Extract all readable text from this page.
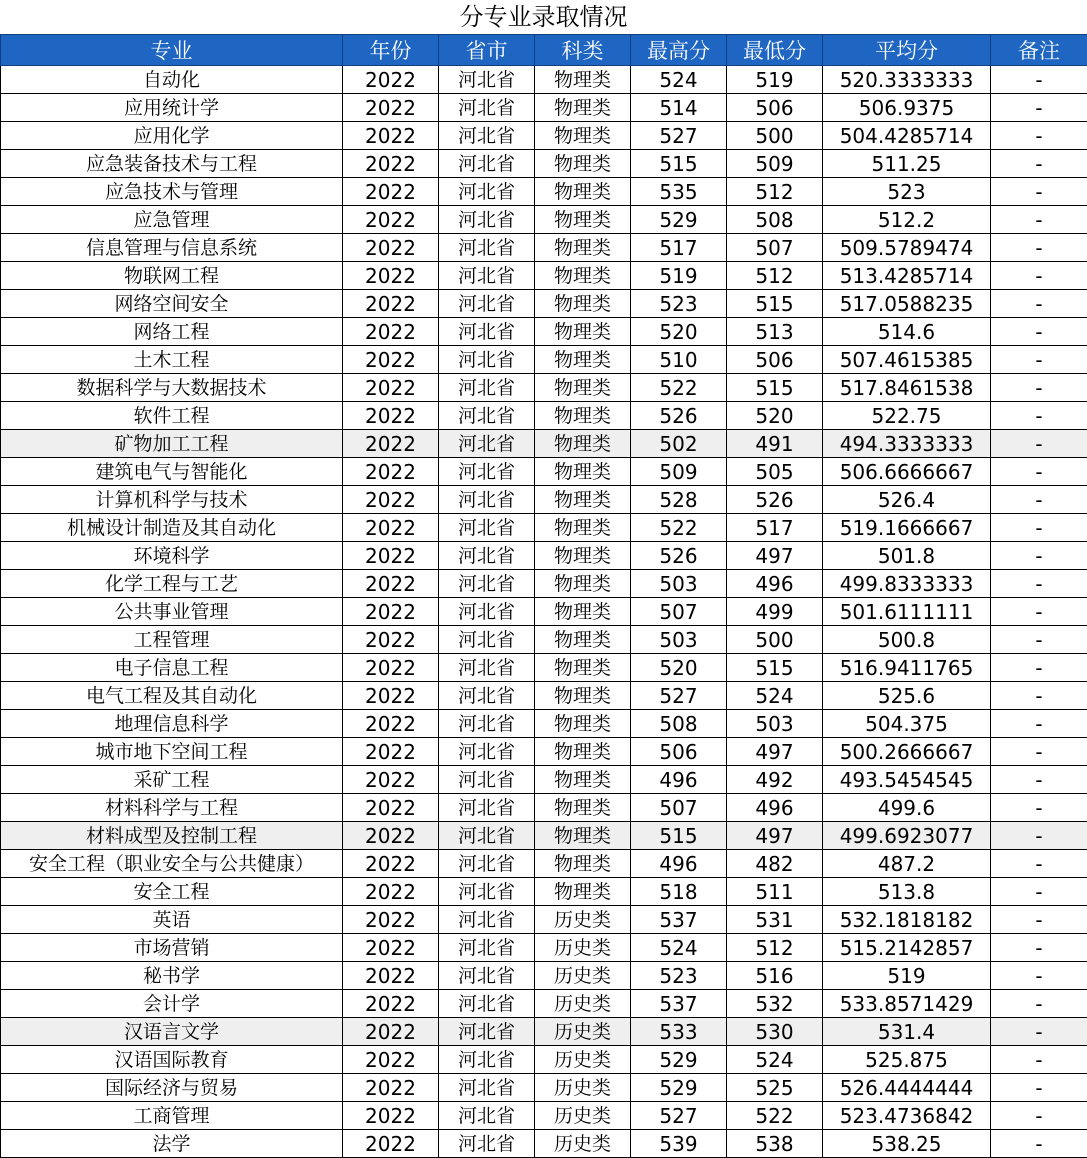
分专业录取情况
专业	年份	省市	科类	最高分	最低分	平均分	备注
自动化	2022	河北省	物理类	524	519	520.3333333	-
应用统计学	2022	河北省	物理类	514	506	506.9375	-
应用化学	2022	河北省	物理类	527	500	504.4285714	-
应急装备技术与工程	2022	河北省	物理类	515	509	511.25	-
应急技术与管理	2022	河北省	物理类	535	512	523	-
应急管理	2022	河北省	物理类	529	508	512.2	-
信息管理与信息系统	2022	河北省	物理类	517	507	509.5789474	-
物联网工程	2022	河北省	物理类	519	512	513.4285714	-
网络空间安全	2022	河北省	物理类	523	515	517.0588235	-
网络工程	2022	河北省	物理类	520	513	514.6	-
土木工程	2022	河北省	物理类	510	506	507.4615385	-
数据科学与大数据技术	2022	河北省	物理类	522	515	517.8461538	-
软件工程	2022	河北省	物理类	526	520	522.75	-
矿物加工工程	2022	河北省	物理类	502	491	494.3333333	-
建筑电气与智能化	2022	河北省	物理类	509	505	506.6666667	-
计算机科学与技术	2022	河北省	物理类	528	526	526.4	-
机械设计制造及其自动化	2022	河北省	物理类	522	517	519.1666667	-
环境科学	2022	河北省	物理类	526	497	501.8	-
化学工程与工艺	2022	河北省	物理类	503	496	499.8333333	-
公共事业管理	2022	河北省	物理类	507	499	501.6111111	-
工程管理	2022	河北省	物理类	503	500	500.8	-
电子信息工程	2022	河北省	物理类	520	515	516.9411765	-
电气工程及其自动化	2022	河北省	物理类	527	524	525.6	-
地理信息科学	2022	河北省	物理类	508	503	504.375	-
城市地下空间工程	2022	河北省	物理类	506	497	500.2666667	-
采矿工程	2022	河北省	物理类	496	492	493.5454545	-
材料科学与工程	2022	河北省	物理类	507	496	499.6	-
材料成型及控制工程	2022	河北省	物理类	515	497	499.6923077	-
安全工程（职业安全与公共健康）	2022	河北省	物理类	496	482	487.2	-
安全工程	2022	河北省	物理类	518	511	513.8	-
英语	2022	河北省	历史类	537	531	532.1818182	-
市场营销	2022	河北省	历史类	524	512	515.2142857	-
秘书学	2022	河北省	历史类	523	516	519	-
会计学	2022	河北省	历史类	537	532	533.8571429	-
汉语言文学	2022	河北省	历史类	533	530	531.4	-
汉语国际教育	2022	河北省	历史类	529	524	525.875	-
国际经济与贸易	2022	河北省	历史类	529	525	526.4444444	-
工商管理	2022	河北省	历史类	527	522	523.4736842	-
法学	2022	河北省	历史类	539	538	538.25	-
